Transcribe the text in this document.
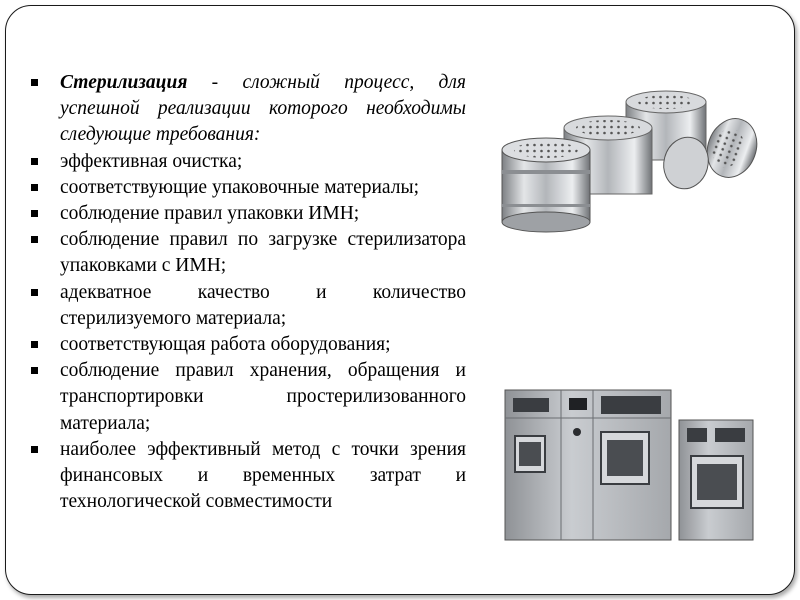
Стерилизация - сложный процесс, для успешной реализации которого необходимы следующие требования:
эффективная очистка;
соответствующие упаковочные материалы;
соблюдение правил упаковки ИМН;
соблюдение правил по загрузке стерилизатора упаковками с ИМН;
адекватное качество и количество стерилизуемого материала;
соответствующая работа оборудования;
соблюдение правил хранения, обращения и транспортировки простерилизованного материала;
наиболее эффективный метод с точки зрения финансовых и временных затрат и технологической совместимости
